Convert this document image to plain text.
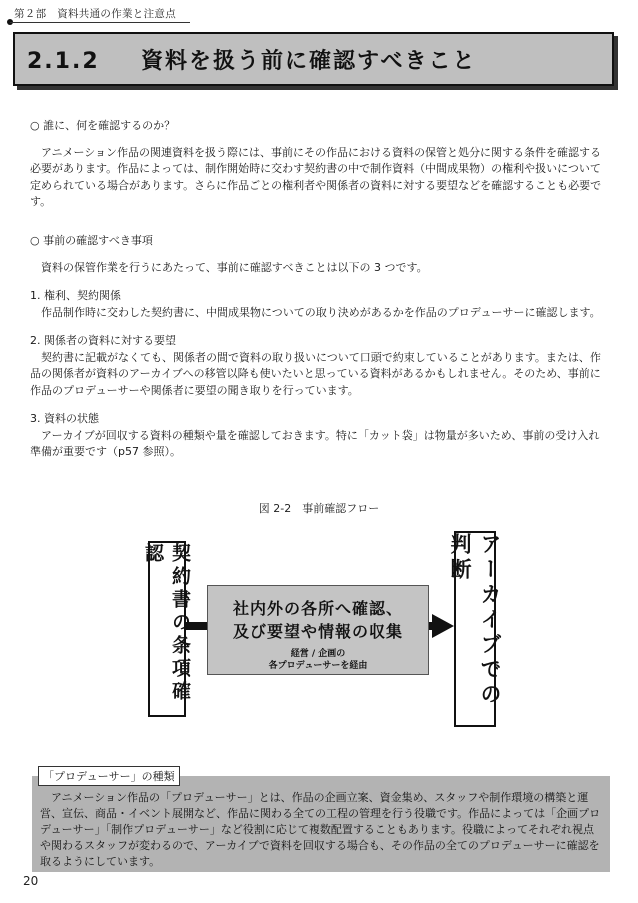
第２部　資料共通の作業と注意点
2.1.2 資料を扱う前に確認すべきこと
○ 誰に、何を確認するのか？
アニメーション作品の関連資料を扱う際には、事前にその作品における資料の保管と処分に関する条件を確認する必要があります。作品によっては、制作開始時に交わす契約書の中で制作資料（中間成果物）の権利や扱いについて定められている場合があります。さらに作品ごとの権利者や関係者の資料に対する要望などを確認することも必要です。
○ 事前の確認すべき事項
資料の保管作業を行うにあたって、事前に確認すべきことは以下の 3 つです。
1. 権利、契約関係
作品制作時に交わした契約書に、中間成果物についての取り決めがあるかを作品のプロデューサーに確認します。
2. 関係者の資料に対する要望
契約書に記載がなくても、関係者の間で資料の取り扱いについて口頭で約束していることがあります。または、作品の関係者が資料のアーカイブへの移管以降も使いたいと思っている資料があるかもしれません。そのため、事前に作品のプロデューサーや関係者に要望の聞き取りを行っています。
3. 資料の状態
アーカイブが回収する資料の種類や量を確認しておきます。特に「カット袋」は物量が多いため、事前の受け入れ準備が重要です（p57 参照）。
図 2-2　事前確認フロー
契約書の条項確認
社内外の各所へ確認、
及び要望や情報の収集
経営 / 企画の
各プロデューサーを経由	アーカイブでの判断
「プロデューサー」の種類
アニメーション作品の「プロデューサー」とは、作品の企画立案、資金集め、スタッフや制作環境の構築と運営、宣伝、商品・イベント展開など、作品に関わる全ての工程の管理を行う役職です。作品によっては「企画プロデューサー」「制作プロデューサー」など役割に応じて複数配置することもあります。役職によってそれぞれ視点や関わるスタッフが変わるので、アーカイブで資料を回収する場合も、その作品の全てのプロデューサーに確認を取るようにしています。
20
